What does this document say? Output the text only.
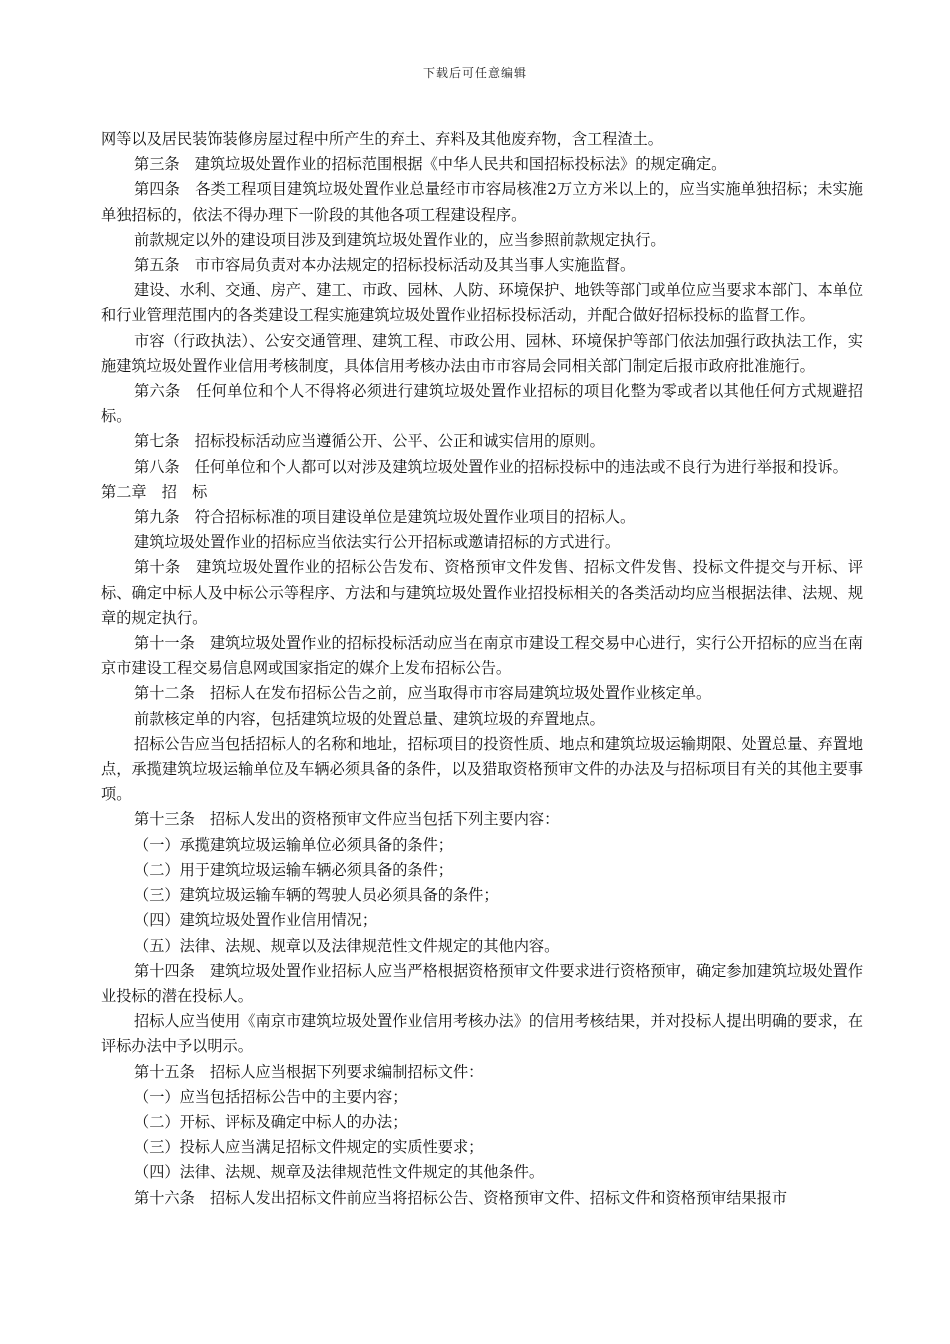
下载后可任意编辑

网等以及居民装饰装修房屋过程中所产生的弃土、弃料及其他废弃物，含工程渣土。

第三条　建筑垃圾处置作业的招标范围根据《中华人民共和国招标投标法》的规定确定。

第四条　各类工程项目建筑垃圾处置作业总量经市市容局核准2万立方米以上的，应当实施单独招标；未实施单独招标的，依法不得办理下一阶段的其他各项工程建设程序。

前款规定以外的建设项目涉及到建筑垃圾处置作业的，应当参照前款规定执行。

第五条　市市容局负责对本办法规定的招标投标活动及其当事人实施监督。

建设、水利、交通、房产、建工、市政、园林、人防、环境保护、地铁等部门或单位应当要求本部门、本单位和行业管理范围内的各类建设工程实施建筑垃圾处置作业招标投标活动，并配合做好招标投标的监督工作。

市容（行政执法）、公安交通管理、建筑工程、市政公用、园林、环境保护等部门依法加强行政执法工作，实施建筑垃圾处置作业信用考核制度，具体信用考核办法由市市容局会同相关部门制定后报市政府批准施行。

第六条　任何单位和个人不得将必须进行建筑垃圾处置作业招标的项目化整为零或者以其他任何方式规避招标。

第七条　招标投标活动应当遵循公开、公平、公正和诚实信用的原则。

第八条　任何单位和个人都可以对涉及建筑垃圾处置作业的招标投标中的违法或不良行为进行举报和投诉。

第二章　招　标

第九条　符合招标标准的项目建设单位是建筑垃圾处置作业项目的招标人。

建筑垃圾处置作业的招标应当依法实行公开招标或邀请招标的方式进行。

第十条　建筑垃圾处置作业的招标公告发布、资格预审文件发售、招标文件发售、投标文件提交与开标、评标、确定中标人及中标公示等程序、方法和与建筑垃圾处置作业招投标相关的各类活动均应当根据法律、法规、规章的规定执行。

第十一条　建筑垃圾处置作业的招标投标活动应当在南京市建设工程交易中心进行，实行公开招标的应当在南京市建设工程交易信息网或国家指定的媒介上发布招标公告。

第十二条　招标人在发布招标公告之前，应当取得市市容局建筑垃圾处置作业核定单。

前款核定单的内容，包括建筑垃圾的处置总量、建筑垃圾的弃置地点。

招标公告应当包括招标人的名称和地址，招标项目的投资性质、地点和建筑垃圾运输期限、处置总量、弃置地点，承揽建筑垃圾运输单位及车辆必须具备的条件，以及猎取资格预审文件的办法及与招标项目有关的其他主要事项。

第十三条　招标人发出的资格预审文件应当包括下列主要内容：

（一）承揽建筑垃圾运输单位必须具备的条件；

（二）用于建筑垃圾运输车辆必须具备的条件；

（三）建筑垃圾运输车辆的驾驶人员必须具备的条件；

（四）建筑垃圾处置作业信用情况；

（五）法律、法规、规章以及法律规范性文件规定的其他内容。

第十四条　建筑垃圾处置作业招标人应当严格根据资格预审文件要求进行资格预审，确定参加建筑垃圾处置作业投标的潜在投标人。

招标人应当使用《南京市建筑垃圾处置作业信用考核办法》的信用考核结果，并对投标人提出明确的要求，在评标办法中予以明示。

第十五条　招标人应当根据下列要求编制招标文件：

（一）应当包括招标公告中的主要内容；

（二）开标、评标及确定中标人的办法；

（三）投标人应当满足招标文件规定的实质性要求；

（四）法律、法规、规章及法律规范性文件规定的其他条件。

第十六条　招标人发出招标文件前应当将招标公告、资格预审文件、招标文件和资格预审结果报市
